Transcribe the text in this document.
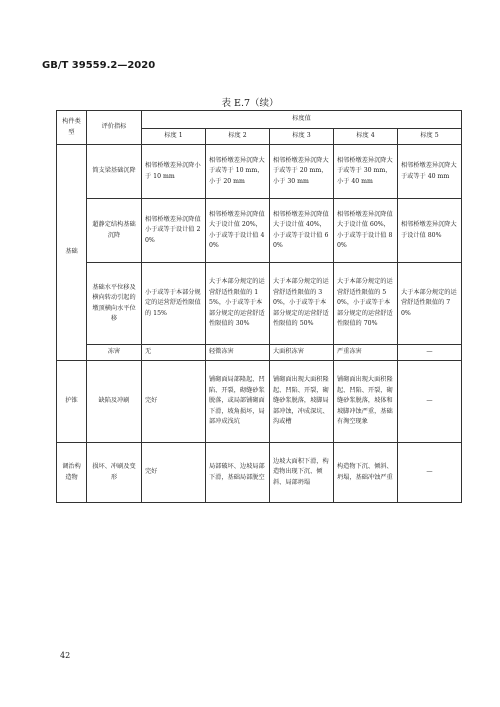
GB/T 39559.2—2020
表 E.7（续）
构件类型	评价指标	标度值				
		标度 1	标度 2	标度 3	标度 4	标度 5
基础	简支梁基础沉降	相邻桥墩差异沉降小于 10 mm	相邻桥墩差异沉降大于或等于 10 mm，小于 20 mm	相邻桥墩差异沉降大于或等于 20 mm，小于 30 mm	相邻桥墩差异沉降大于或等于 30 mm，小于 40 mm	相邻桥墩差异沉降大于或等于 40 mm
	超静定结构基础沉降	相邻桥墩差异沉降值小于或等于设计值 20%	相邻桥墩差异沉降值大于设计值 20%，小于或等于设计值 40%	相邻桥墩差异沉降值大于设计值 40%，小于或等于设计值 60%	相邻桥墩差异沉降值大于设计值 60%，小于或等于设计值 80%	相邻桥墩差异沉降大于设计值 80%
	基础水平位移及横向转动引起的墩顶横向水平位移	小于或等于本部分规定的运营舒适性限值的 15%	大于本部分规定的运营舒适性限值的 15%，小于或等于本部分规定的运营舒适性限值的 30%	大于本部分规定的运营舒适性限值的 30%，小于或等于本部分规定的运营舒适性限值的 50%	大于本部分规定的运营舒适性限值的 50%，小于或等于本部分规定的运营舒适性限值的 70%	大于本部分规定的运营舒适性限值的 70%
	冻害	无	轻微冻害	大面积冻害	严重冻害	—
护锥	缺陷及冲刷	完好	铺砌面局部隆起、凹陷、开裂，砌缝砂浆脱落，或局部铺砌面下滑，坡角损坏，局部冲成浅坑	铺砌面出现大面积隆起、凹陷、开裂，砌缝砂浆脱落，坡脚局部冲蚀，冲成深坑、沟或槽	铺砌面出现大面积隆起、凹陷、开裂，砌缝砂浆脱落，坡体和坡脚冲蚀严重，基础有淘空现象	—
调治构造物	损坏、冲刷及变形	完好	局部破坏、边坡局部下滑，基础局部脱空	边坡大面积下滑，构造物出现下沉、倾斜、局部坍塌	构造物下沉、倾斜、坍塌，基础冲蚀严重	—
42
